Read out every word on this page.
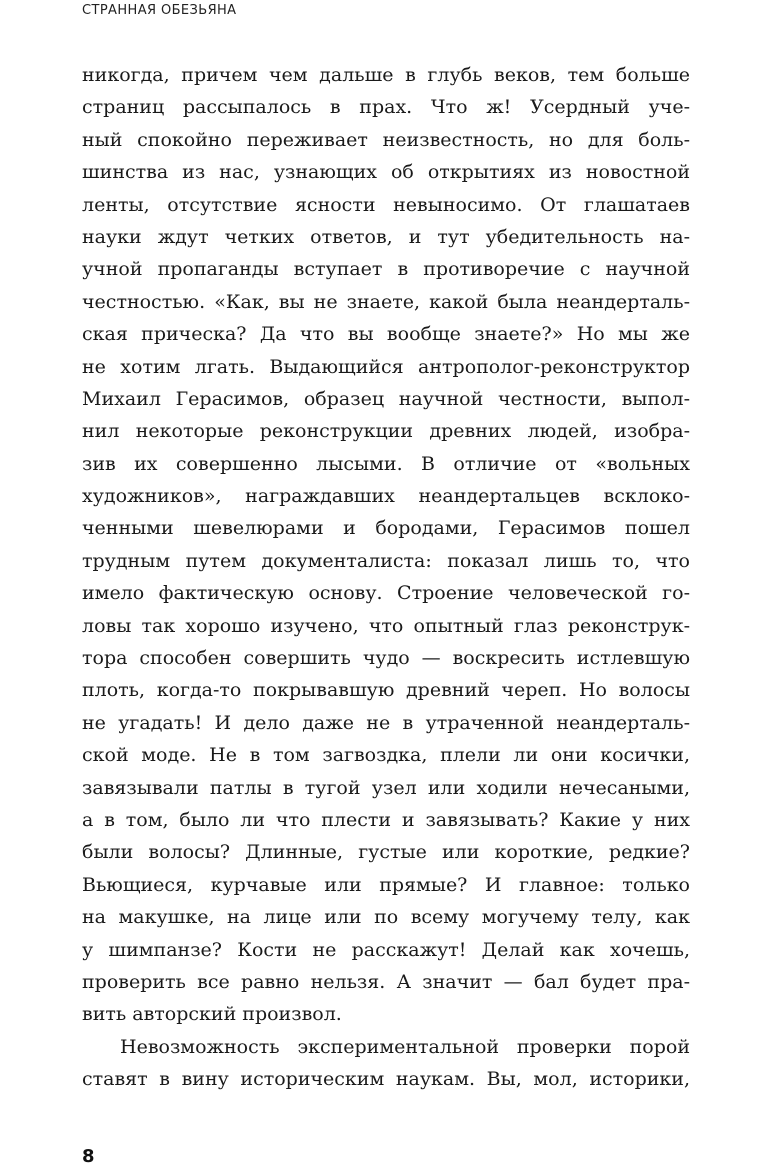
СТРАННАЯ ОБЕЗЬЯНА
никогда, причем чем дальше в глубь веков, тем больше
страниц рассыпалось в прах. Что ж! Усердный уче-
ный спокойно переживает неизвестность, но для боль-
шинства из нас, узнающих об открытиях из новостной
ленты, отсутствие ясности невыносимо. От глашатаев
науки ждут четких ответов, и тут убедительность на-
учной пропаганды вступает в противоречие с научной
честностью. «Как, вы не знаете, какой была неандерталь-
ская прическа? Да что вы вообще знаете?» Но мы же
не хотим лгать. Выдающийся антрополог-реконструктор
Михаил Герасимов, образец научной честности, выпол-
нил некоторые реконструкции древних людей, изобра-
зив их совершенно лысыми. В отличие от «вольных
художников», награждавших неандертальцев всклоко-
ченными шевелюрами и бородами, Герасимов пошел
трудным путем документалиста: показал лишь то, что
имело фактическую основу. Строение человеческой го-
ловы так хорошо изучено, что опытный глаз реконструк-
тора способен совершить чудо — воскресить истлевшую
плоть, когда-то покрывавшую древний череп. Но волосы
не угадать! И дело даже не в утраченной неандерталь-
ской моде. Не в том загвоздка, плели ли они косички,
завязывали патлы в тугой узел или ходили нечесаными,
а в том, было ли что плести и завязывать? Какие у них
были волосы? Длинные, густые или короткие, редкие?
Вьющиеся, курчавые или прямые? И главное: только
на макушке, на лице или по всему могучему телу, как
у шимпанзе? Кости не расскажут! Делай как хочешь,
проверить все равно нельзя. А значит — бал будет пра-
вить авторский произвол.
Невозможность экспериментальной проверки порой
ставят в вину историческим наукам. Вы, мол, историки,
8
